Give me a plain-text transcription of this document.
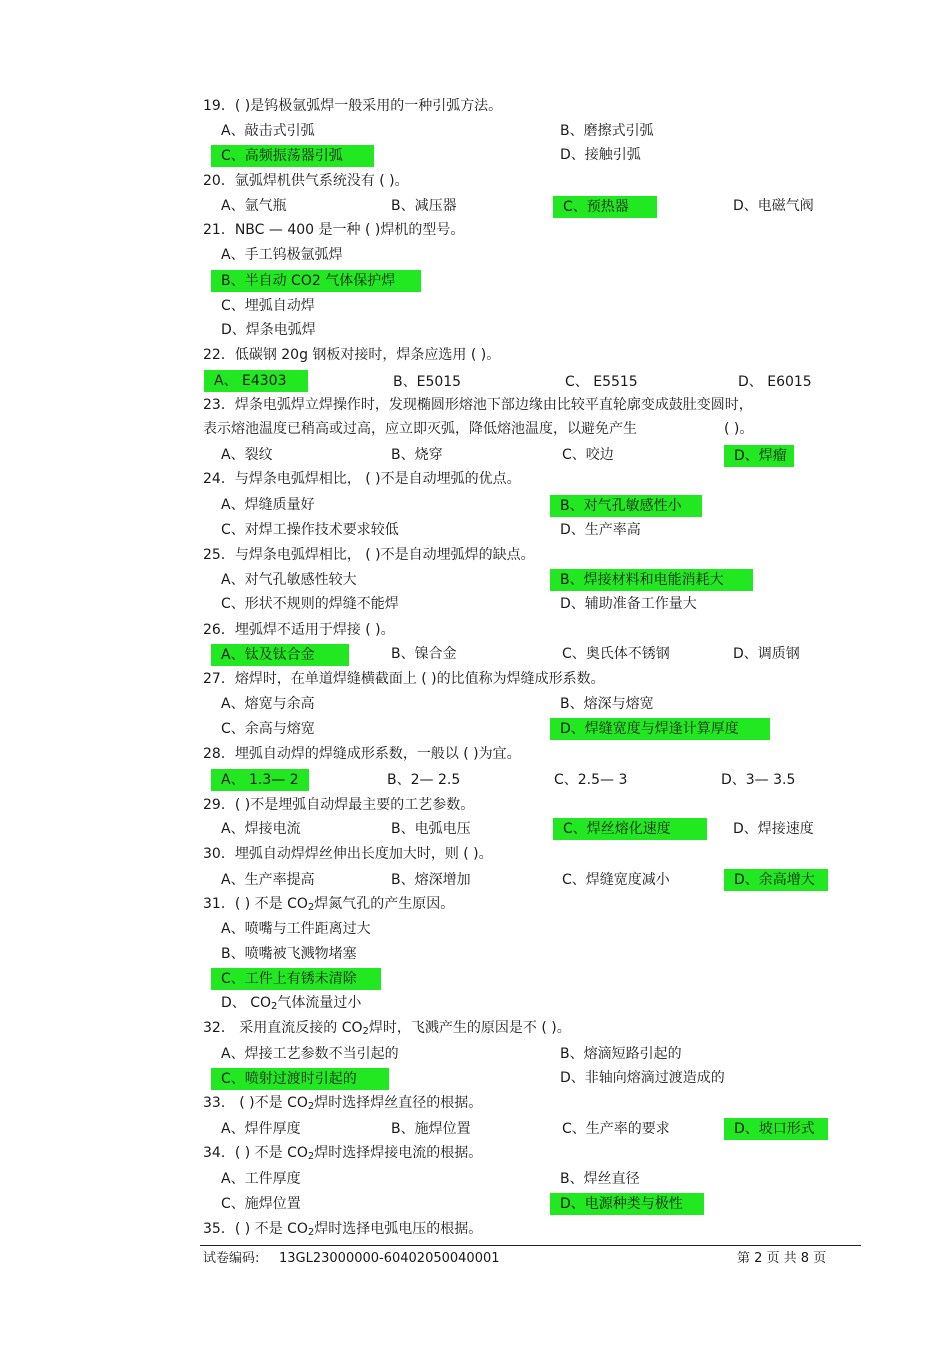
19．( )是钨极氩弧焊一般采用的一种引弧方法。
A、敲击式引弧	B、磨擦式引弧
C、高频振荡器引弧	D、接触引弧
20．氩弧焊机供气系统没有 ( )。
A、氩气瓶	B、减压器	C、预热器	D、电磁气阀
21．NBC — 400 是一种 ( )焊机的型号。
A、手工钨极氩弧焊
B、半自动 CO2 气体保护焊
C、埋弧自动焊
D、焊条电弧焊
22．低碳钢 20g 钢板对接时，焊条应选用 ( )。
A、 E4303	B、E5015	C、 E5515	D、 E6015
23．焊条电弧焊立焊操作时，发现椭圆形熔池下部边缘由比较平直轮廓变成鼓肚变圆时，
表示熔池温度已稍高或过高，应立即灭弧，降低熔池温度，以避免产生	( )。
A、裂纹	B、烧穿	C、咬边	D、焊瘤
24．与焊条电弧焊相比， ( )不是自动埋弧的优点。
A、焊缝质量好	B、对气孔敏感性小
C、对焊工操作技术要求较低	D、生产率高
25．与焊条电弧焊相比， ( )不是自动埋弧焊的缺点。
A、对气孔敏感性较大	B、焊接材料和电能消耗大
C、形状不规则的焊缝不能焊	D、辅助准备工作量大
26．埋弧焊不适用于焊接 ( )。
A、钛及钛合金	B、镍合金	C、奥氏体不锈钢	D、调质钢
27．熔焊时，在单道焊缝横截面上 ( )的比值称为焊缝成形系数。
A、熔宽与余高	B、熔深与熔宽
C、余高与熔宽	D、焊缝宽度与焊逢计算厚度
28．埋弧自动焊的焊缝成形系数，一般以 ( )为宜。
A、 1.3— 2	B、2— 2.5	C、2.5— 3	D、3— 3.5
29．( )不是埋弧自动焊最主要的工艺参数。
A、焊接电流	B、电弧电压	C、焊丝熔化速度	D、焊接速度
30．埋弧自动焊焊丝伸出长度加大时，则 ( )。
A、生产率提高	B、熔深增加	C、焊缝宽度减小	D、余高增大
31．( ) 不是 $CO_2$焊氮气孔的产生原因。
A、喷嘴与工件距离过大
B、喷嘴被飞溅物堵塞
C、工件上有锈未清除
D、 $CO_2$气体流量过小
32． 采用直流反接的 $CO_2$焊时，飞溅产生的原因是不 ( )。
A、焊接工艺参数不当引起的	B、熔滴短路引起的
C、喷射过渡时引起的	D、非轴向熔滴过渡造成的
33． ( )不是 $CO_2$焊时选择焊丝直径的根据。
A、焊件厚度	B、施焊位置	C、生产率的要求	D、坡口形式
34．( ) 不是 $CO_2$焊时选择焊接电流的根据。
A、工件厚度	B、焊丝直径
C、施焊位置	D、电源种类与极性
35．( ) 不是 $CO_2$焊时选择电弧电压的根据。
试卷编码: 13GL23000000-60402050040001	第 2 页 共 8 页
